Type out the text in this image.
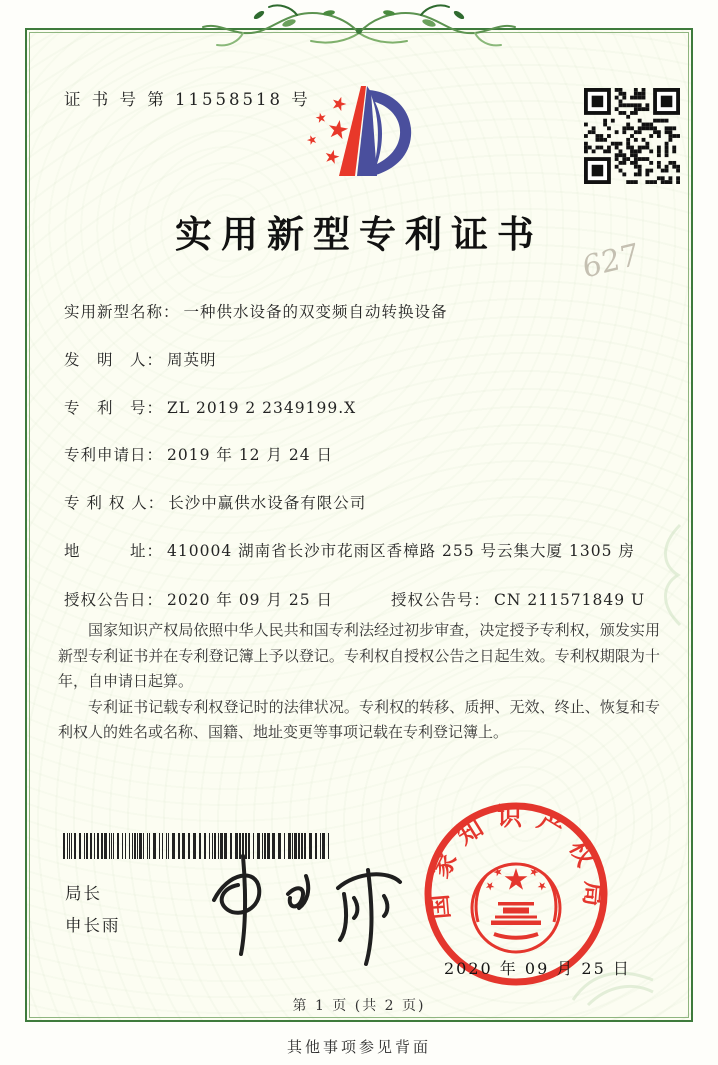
证 书 号 第 11558518 号
实用新型专利证书
627
实用新型名称： 一种供水设备的双变频自动转换设备
发　明　人： 周英明
专　利　号： ZL 2019 2 2349199.X
专利申请日： 2019 年 12 月 24 日
专 利 权 人： 长沙中赢供水设备有限公司
地　　　址： 410004 湖南省长沙市花雨区香樟路 255 号云集大厦 1305 房
授权公告日： 2020 年 09 月 25 日	授权公告号： CN 211571849 U

国家知识产权局依照中华人民共和国专利法经过初步审查，决定授予专利权，颁发实用新型专利证书并在专利登记簿上予以登记。专利权自授权公告之日起生效。专利权期限为十年，自申请日起算。

专利证书记载专利权登记时的法律状况。专利权的转移、质押、无效、终止、恢复和专利权人的姓名或名称、国籍、地址变更等事项记载在专利登记簿上。

局长
申长雨
国家知识产权局
2020 年 09 月 25 日
第 1 页 (共 2 页)
其他事项参见背面
